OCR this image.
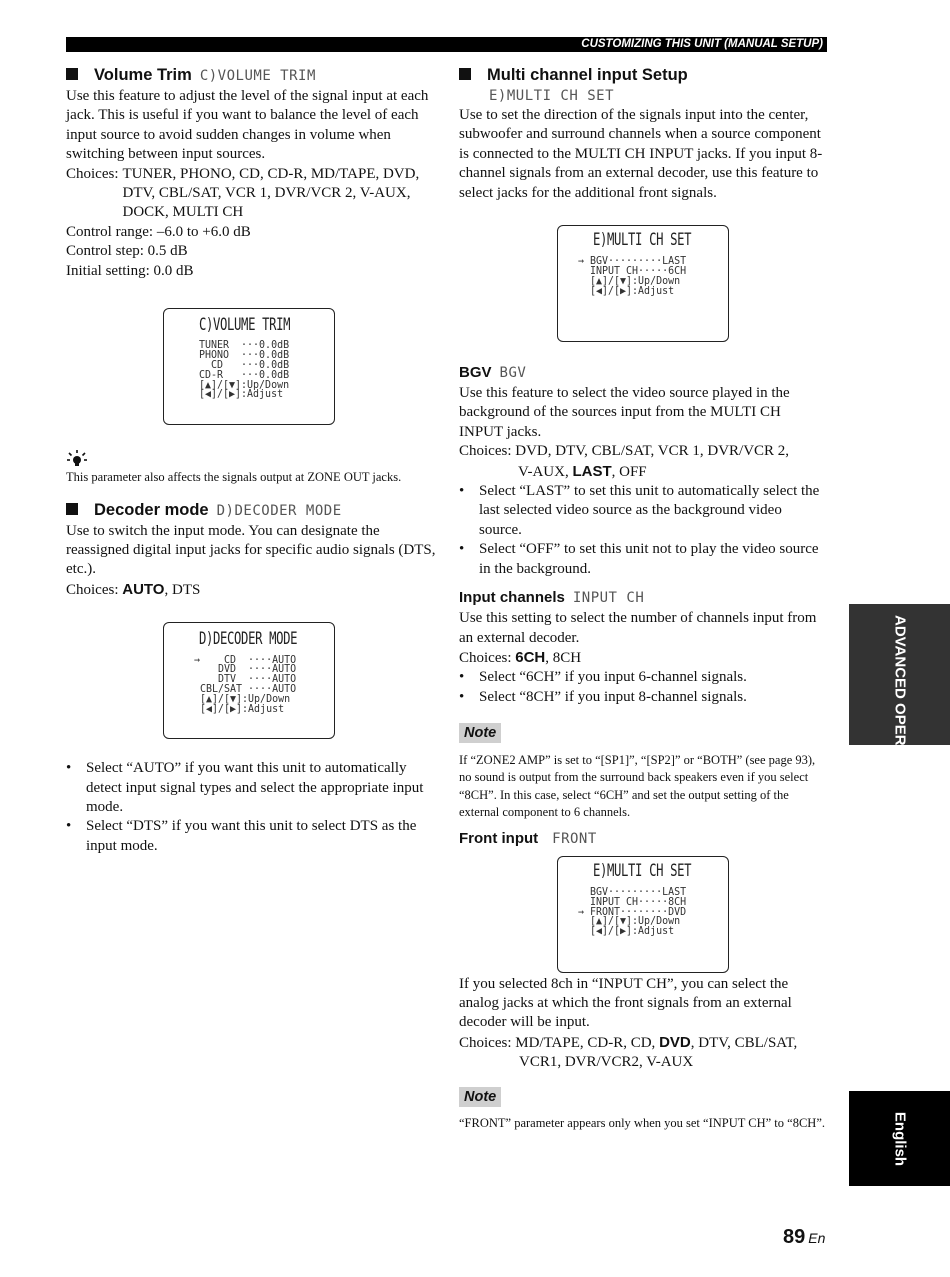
CUSTOMIZING THIS UNIT (MANUAL SETUP)
Volume Trim C)VOLUME TRIM

Use this feature to adjust the level of the signal input at each jack. This is useful if you want to balance the level of each input source to avoid sudden changes in volume when switching between input sources.

Choices: TUNER, PHONO, CD, CD-R, MD/TAPE, DVD, DTV, CBL/SAT, VCR 1, DVR/VCR 2, V-AUX, DOCK, MULTI CH

Control range: –6.0 to +6.0 dB

Control step: 0.5 dB

Initial setting: 0.0 dB

C)VOLUME TRIM
TUNER  ···0.0dB
PHONO  ···0.0dB
CD   ···0.0dB
CD-R   ···0.0dB
[▲]/[▼]:Up/Down
[◀]/[▶]:Adjust

This parameter also affects the signals output at ZONE OUT jacks.

Decoder mode D)DECODER MODE

Use to switch the input mode. You can designate the reassigned digital input jacks for specific audio signals (DTS, etc.).

Choices: AUTO, DTS

D)DECODER MODE
→    CD  ····AUTO
DVD  ····AUTO
DTV  ····AUTO
CBL/SAT ····AUTO
[▲]/[▼]:Up/Down
[◀]/[▶]:Adjust
• Select “AUTO” if you want this unit to automatically detect input signal types and select the appropriate input mode.
• Select “DTS” if you want this unit to select DTS as the input mode.
Multi channel input Setup
E)MULTI CH SET

Use to set the direction of the signals input into the center, subwoofer and surround channels when a source component is connected to the MULTI CH INPUT jacks. If you input 8-channel signals from an external decoder, use this feature to select jacks for the additional front signals.

E)MULTI CH SET
→ BGV·········LAST
INPUT CH·····6CH
[▲]/[▼]:Up/Down
[◀]/[▶]:Adjust
BGV BGV

Use this feature to select the video source played in the background of the sources input from the MULTI CH INPUT jacks.

Choices: DVD, DTV, CBL/SAT, VCR 1, DVR/VCR 2,

V-AUX, LAST, OFF

• Select “LAST” to set this unit to automatically select the last selected video source as the background video source.
• Select “OFF” to set this unit not to play the video source in the background.
Input channels INPUT CH

Use this setting to select the number of channels input from an external decoder.

Choices: 6CH, 8CH

• Select “6CH” if you input 6-channel signals.
• Select “8CH” if you input 8-channel signals.
Note

If “ZONE2 AMP” is set to “[SP1]”, “[SP2]” or “BOTH” (see page 93), no sound is output from the surround back speakers even if you select “8CH”. In this case, select “6CH” and set the output setting of the external component to 6 channels.

Front input FRONT
E)MULTI CH SET
BGV·········LAST
INPUT CH·····8CH
→ FRONT········DVD
[▲]/[▼]:Up/Down
[◀]/[▶]:Adjust

If you selected 8ch in “INPUT CH”, you can select the analog jacks at which the front signals from an external decoder will be input.

Choices: MD/TAPE, CD-R, CD, DVD, DTV, CBL/SAT,

VCR1, DVR/VCR2, V-AUX

Note

“FRONT” parameter appears only when you set “INPUT CH” to “8CH”.

ADVANCED OPERATION
English
89 En
